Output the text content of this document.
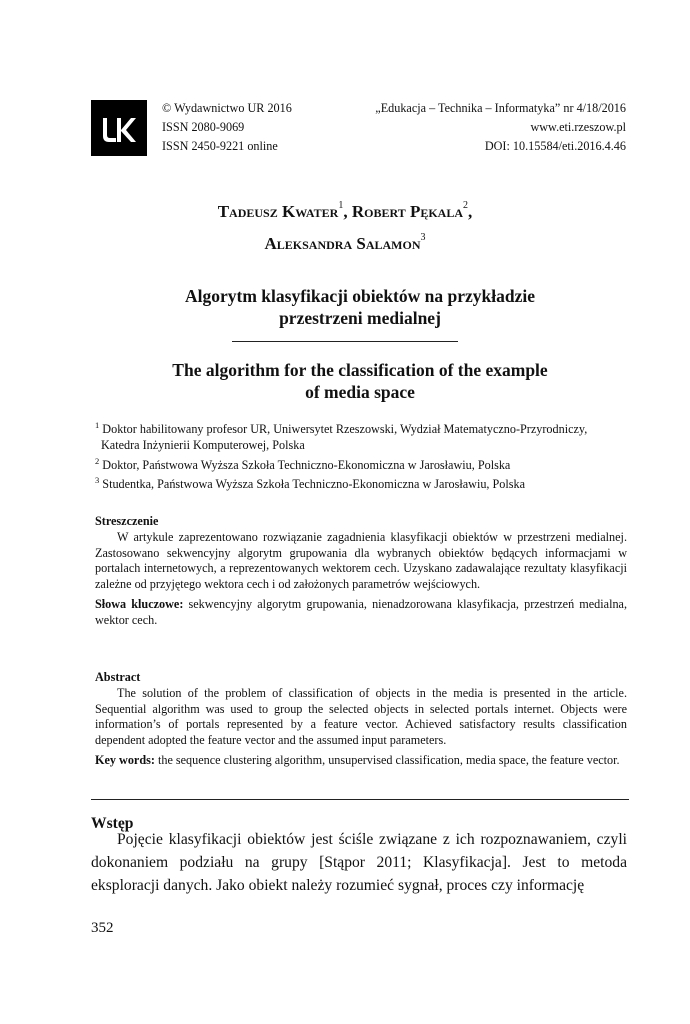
© Wydawnictwo UR 2016
ISSN 2080-9069
ISSN 2450-9221 online
„Edukacja – Technika – Informatyka” nr 4/18/2016
www.eti.rzeszow.pl
DOI: 10.15584/eti.2016.4.46
Tadeusz Kwater$^1$, Robert Pękala$^2$,
Aleksandra Salamon$^3$
Algorytm klasyfikacji obiektów na przykładzie
przestrzeni medialnej
The algorithm for the classification of the example
of media space

$^1$ Doktor habilitowany profesor UR, Uniwersytet Rzeszowski, Wydział Matematyczno-Przyrodniczy,

Katedra Inżynierii Komputerowej, Polska

$^2$ Doktor, Państwowa Wyższa Szkoła Techniczno-Ekonomiczna w Jarosławiu, Polska

$^3$ Studentka, Państwowa Wyższa Szkoła Techniczno-Ekonomiczna w Jarosławiu, Polska

Streszczenie

W artykule zaprezentowano rozwiązanie zagadnienia klasyfikacji obiektów w przestrzeni medialnej. Zastosowano sekwencyjny algorytm grupowania dla wybranych obiektów będących informacjami w portalach internetowych, a reprezentowanych wektorem cech. Uzyskano zadawalające rezultaty klasyfikacji zależne od przyjętego wektora cech i od założonych parametrów wejściowych.

Słowa kluczowe: sekwencyjny algorytm grupowania, nienadzorowana klasyfikacja, przestrzeń medialna, wektor cech.

Abstract

The solution of the problem of classification of objects in the media is presented in the article. Sequential algorithm was used to group the selected objects in selected portals internet. Objects were information’s of portals represented by a feature vector. Achieved satisfactory results classification dependent adopted the feature vector and the assumed input parameters.

Key words: the sequence clustering algorithm, unsupervised classification, media space, the feature vector.

Wstęp

Pojęcie klasyfikacji obiektów jest ściśle związane z ich rozpoznawaniem, czyli dokonaniem podziału na grupy [Stąpor 2011; Klasyfikacja]. Jest to metoda eksploracji danych. Jako obiekt należy rozumieć sygnał, proces czy informację

352
